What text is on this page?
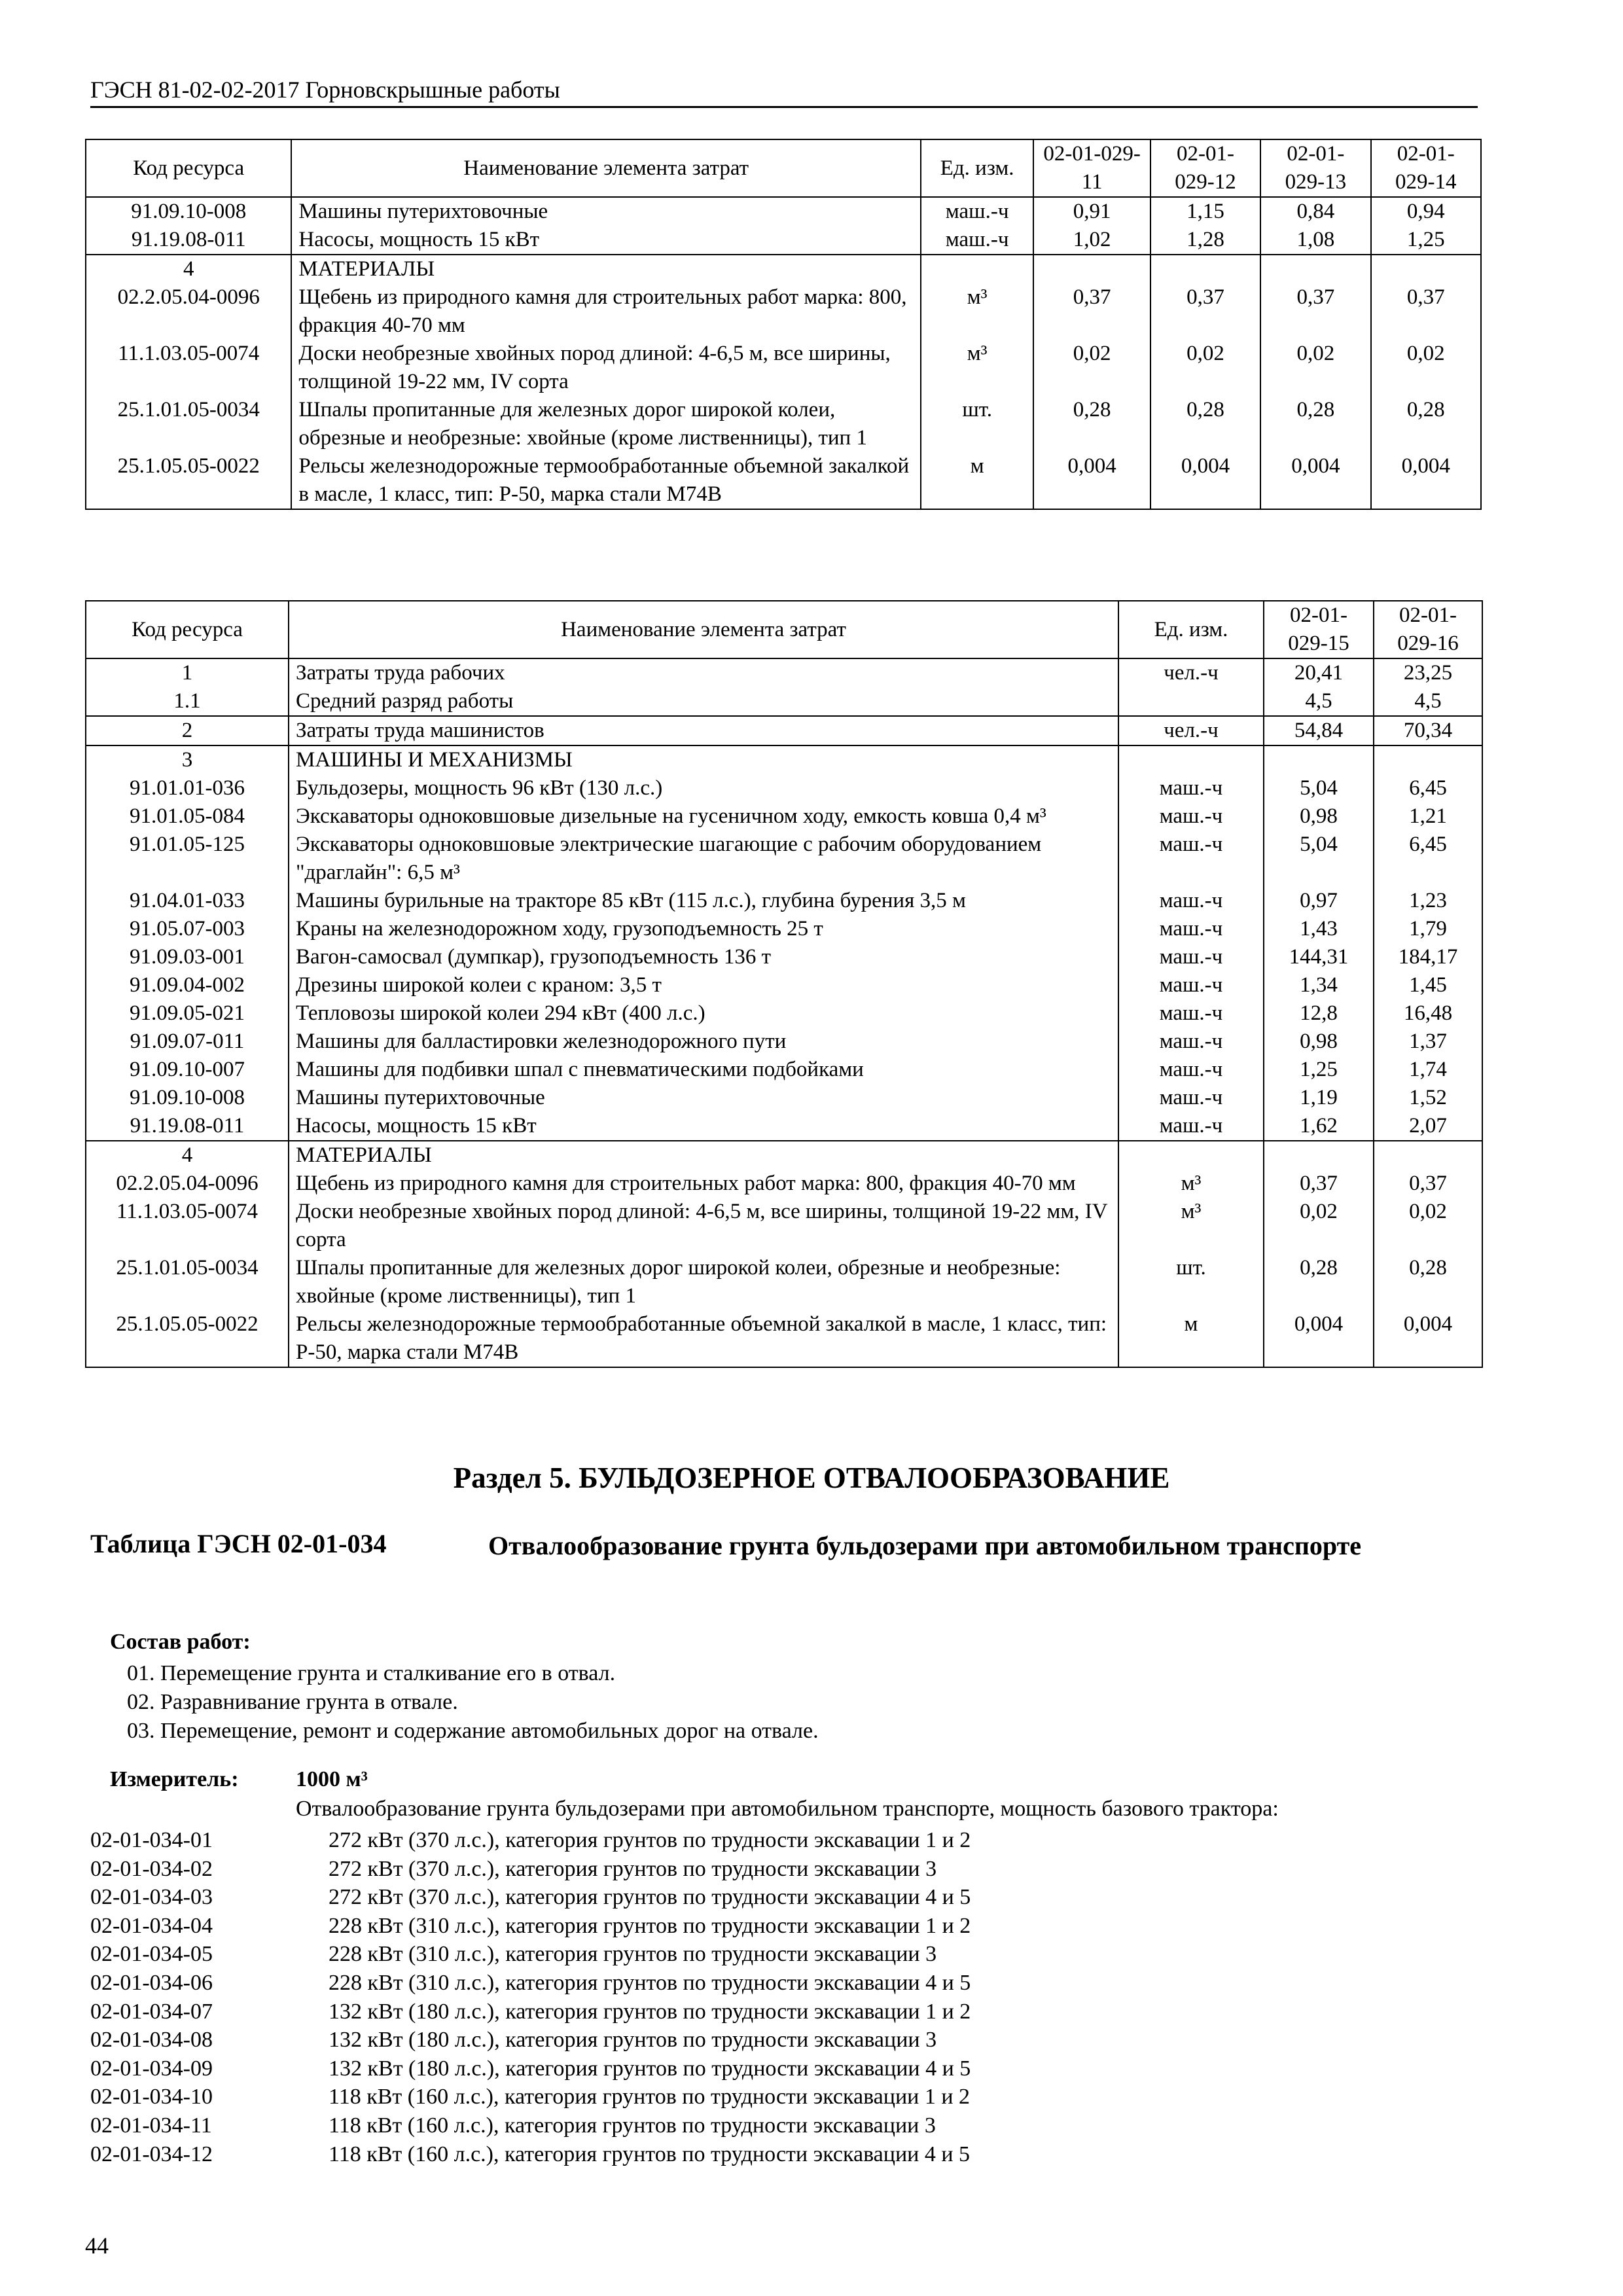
ГЭСН 81-02-02-2017 Горновскрышные работы
Код ресурса	Наименование элемента затрат	Ед. изм.	02-01-029-11	02-01-029-12	02-01-029-13	02-01-029-14
91.09.10-008	Машины путерихтовочные	маш.-ч	0,91	1,15	0,84	0,94
91.19.08-011	Насосы, мощность 15 кВт	маш.-ч	1,02	1,28	1,08	1,25
4	МАТЕРИАЛЫ					
02.2.05.04-0096	Щебень из природного камня для строительных работ марка: 800, фракция 40-70 мм	м³	0,37	0,37	0,37	0,37
11.1.03.05-0074	Доски необрезные хвойных пород длиной: 4-6,5 м, все ширины, толщиной 19-22 мм, IV сорта	м³	0,02	0,02	0,02	0,02
25.1.01.05-0034	Шпалы пропитанные для железных дорог широкой колеи, обрезные и необрезные: хвойные (кроме лиственницы), тип 1	шт.	0,28	0,28	0,28	0,28
25.1.05.05-0022	Рельсы железнодорожные термообработанные объемной закалкой в масле, 1 класс, тип: Р-50, марка стали М74В	м	0,004	0,004	0,004	0,004
Код ресурса	Наименование элемента затрат	Ед. изм.	02-01-029-15	02-01-029-16
1	Затраты труда рабочих	чел.-ч	20,41	23,25
1.1	Средний разряд работы		4,5	4,5
2	Затраты труда машинистов	чел.-ч	54,84	70,34
3	МАШИНЫ И МЕХАНИЗМЫ			
91.01.01-036	Бульдозеры, мощность 96 кВт (130 л.с.)	маш.-ч	5,04	6,45
91.01.05-084	Экскаваторы одноковшовые дизельные на гусеничном ходу, емкость ковша 0,4 м³	маш.-ч	0,98	1,21
91.01.05-125	Экскаваторы одноковшовые электрические шагающие с рабочим оборудованием "драглайн": 6,5 м³	маш.-ч	5,04	6,45
91.04.01-033	Машины бурильные на тракторе 85 кВт (115 л.с.), глубина бурения 3,5 м	маш.-ч	0,97	1,23
91.05.07-003	Краны на железнодорожном ходу, грузоподъемность 25 т	маш.-ч	1,43	1,79
91.09.03-001	Вагон-самосвал (думпкар), грузоподъемность 136 т	маш.-ч	144,31	184,17
91.09.04-002	Дрезины широкой колеи с краном: 3,5 т	маш.-ч	1,34	1,45
91.09.05-021	Тепловозы широкой колеи 294 кВт (400 л.с.)	маш.-ч	12,8	16,48
91.09.07-011	Машины для балластировки железнодорожного пути	маш.-ч	0,98	1,37
91.09.10-007	Машины для подбивки шпал с пневматическими подбойками	маш.-ч	1,25	1,74
91.09.10-008	Машины путерихтовочные	маш.-ч	1,19	1,52
91.19.08-011	Насосы, мощность 15 кВт	маш.-ч	1,62	2,07
4	МАТЕРИАЛЫ			
02.2.05.04-0096	Щебень из природного камня для строительных работ марка: 800, фракция 40-70 мм	м³	0,37	0,37
11.1.03.05-0074	Доски необрезные хвойных пород длиной: 4-6,5 м, все ширины, толщиной 19-22 мм, IV сорта	м³	0,02	0,02
25.1.01.05-0034	Шпалы пропитанные для железных дорог широкой колеи, обрезные и необрезные: хвойные (кроме лиственницы), тип 1	шт.	0,28	0,28
25.1.05.05-0022	Рельсы железнодорожные термообработанные объемной закалкой в масле, 1 класс, тип: Р-50, марка стали М74В	м	0,004	0,004
Раздел 5. БУЛЬДОЗЕРНОЕ ОТВАЛООБРАЗОВАНИЕ
Таблица ГЭСН 02-01-034	Отвалообразование грунта бульдозерами при автомобильном транспорте
Состав работ:
01. Перемещение грунта и сталкивание его в отвал.
02. Разравнивание грунта в отвале.
03. Перемещение, ремонт и содержание автомобильных дорог на отвале.
Измеритель:	1000 м³
Отвалообразование грунта бульдозерами при автомобильном транспорте, мощность базового трактора:
02-01-034-01	272 кВт (370 л.с.), категория грунтов по трудности экскавации 1 и 2
02-01-034-02	272 кВт (370 л.с.), категория грунтов по трудности экскавации 3
02-01-034-03	272 кВт (370 л.с.), категория грунтов по трудности экскавации 4 и 5
02-01-034-04	228 кВт (310 л.с.), категория грунтов по трудности экскавации 1 и 2
02-01-034-05	228 кВт (310 л.с.), категория грунтов по трудности экскавации 3
02-01-034-06	228 кВт (310 л.с.), категория грунтов по трудности экскавации 4 и 5
02-01-034-07	132 кВт (180 л.с.), категория грунтов по трудности экскавации 1 и 2
02-01-034-08	132 кВт (180 л.с.), категория грунтов по трудности экскавации 3
02-01-034-09	132 кВт (180 л.с.), категория грунтов по трудности экскавации 4 и 5
02-01-034-10	118 кВт (160 л.с.), категория грунтов по трудности экскавации 1 и 2
02-01-034-11	118 кВт (160 л.с.), категория грунтов по трудности экскавации 3
02-01-034-12	118 кВт (160 л.с.), категория грунтов по трудности экскавации 4 и 5
44
